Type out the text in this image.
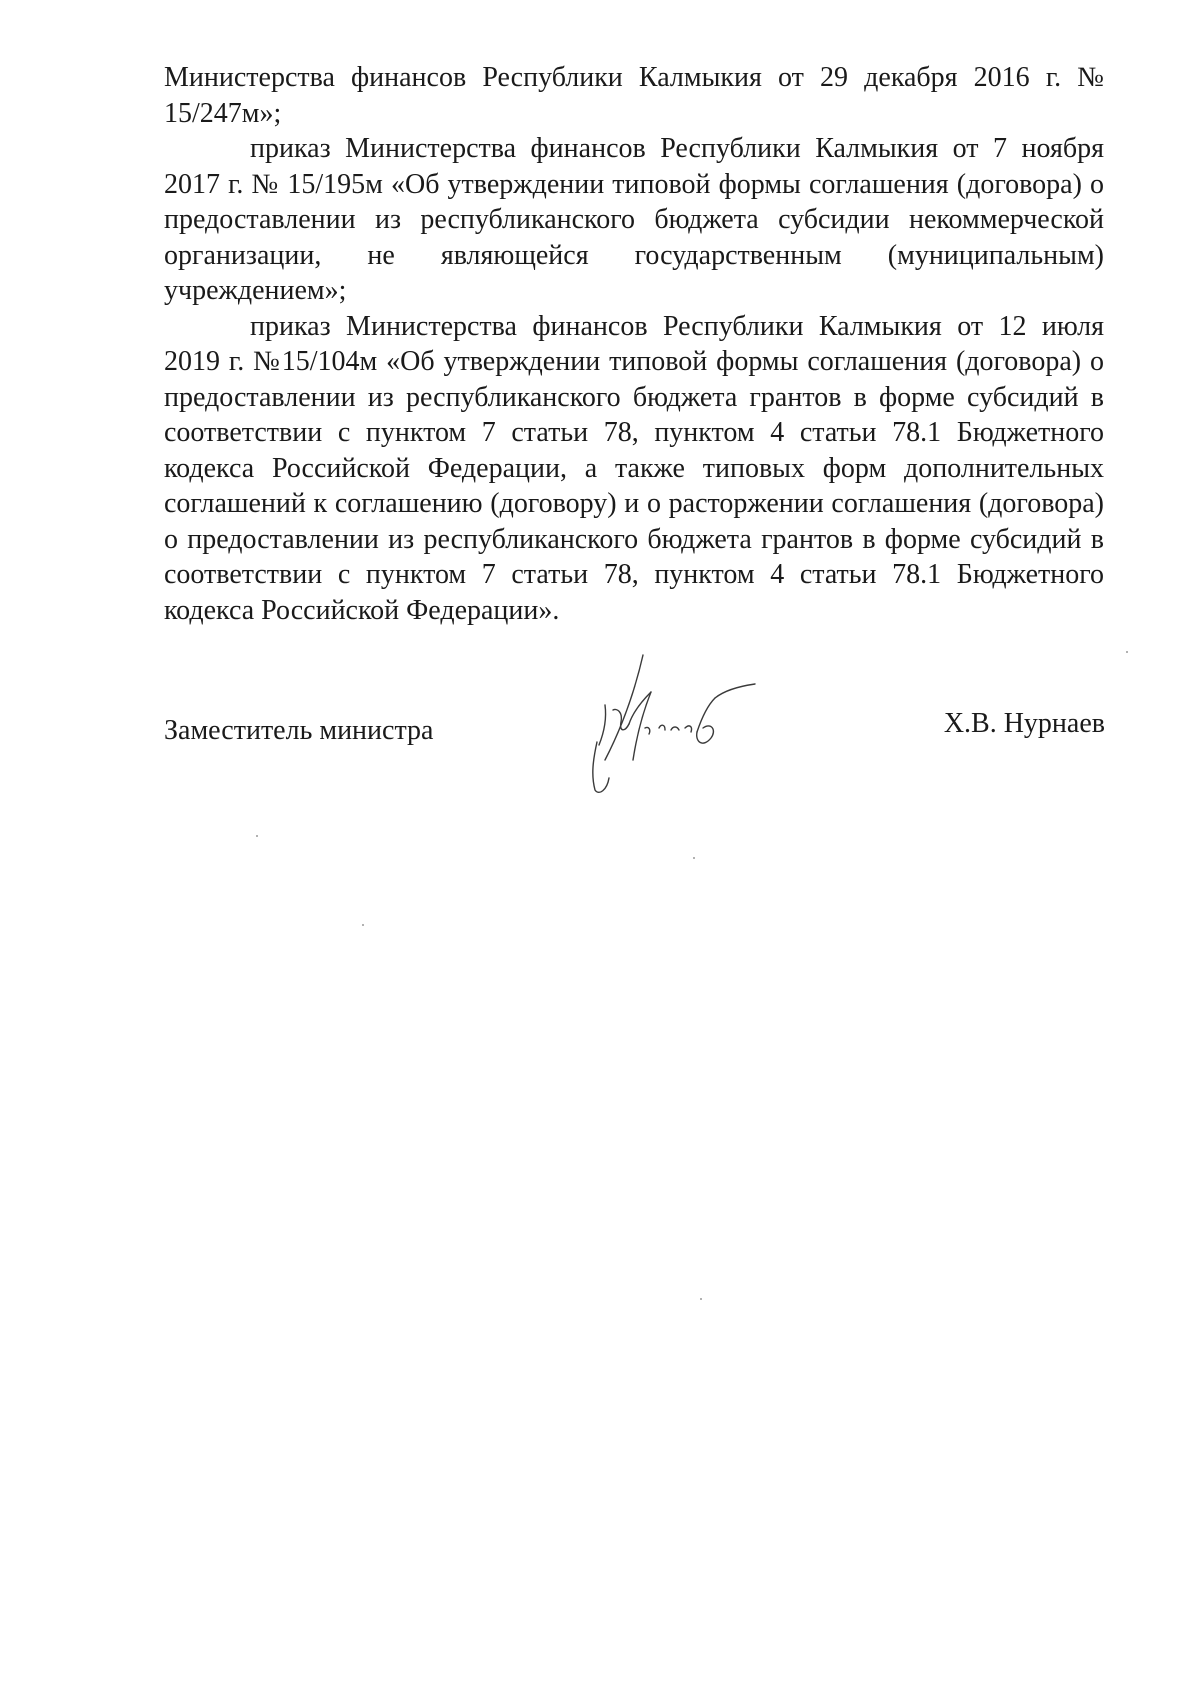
Министерства финансов Республики Калмыкия от 29 декабря 2016 г. № 15/247м»;

приказ Министерства финансов Республики Калмыкия от 7 ноября 2017 г. № 15/195м «Об утверждении типовой формы соглашения (договора) о предоставлении из республиканского бюджета субсидии некоммерческой организации, не являющейся государственным (муниципальным) учреждением»;

приказ Министерства финансов Республики Калмыкия от 12 июля 2019 г. №15/104м «Об утверждении типовой формы соглашения (договора) о предоставлении из республиканского бюджета грантов в форме субсидий в соответствии с пунктом 7 статьи 78, пунктом 4 статьи 78.1 Бюджетного кодекса Российской Федерации, а также типовых форм дополнительных соглашений к соглашению (договору) и о расторжении соглашения (договора) о предоставлении из республиканского бюджета грантов в форме субсидий в соответствии с пунктом 7 статьи 78, пунктом 4 статьи 78.1 Бюджетного кодекса Российской Федерации».

Заместитель министра	Х.В. Нурнаев
